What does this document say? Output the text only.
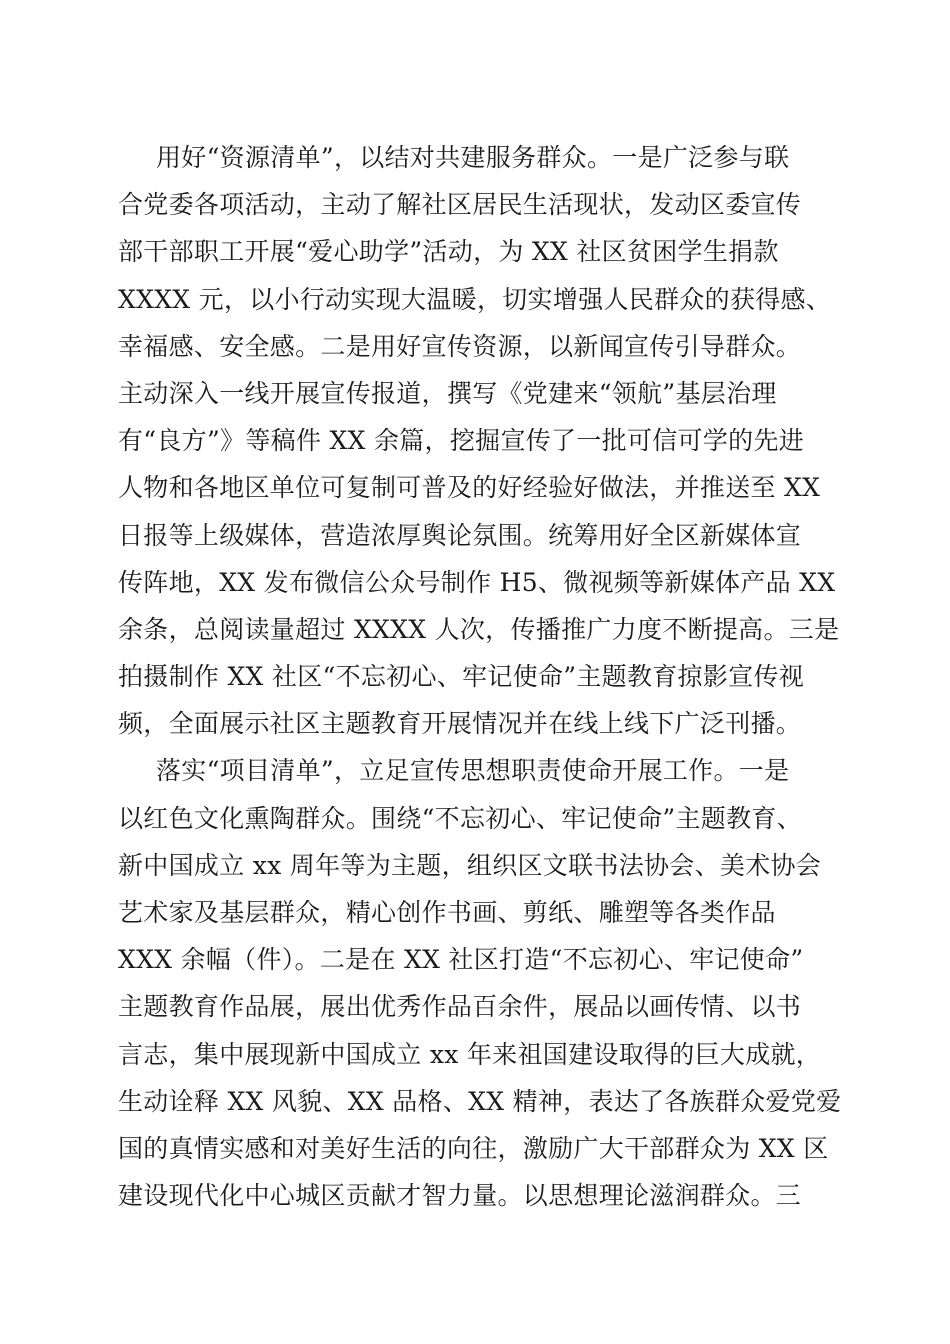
用好“资源清单”，以结对共建服务群众。一是广泛参与联
合党委各项活动，主动了解社区居民生活现状，发动区委宣传
部干部职工开展“爱心助学”活动，为 XX 社区贫困学生捐款
XXXX 元，以小行动实现大温暖，切实增强人民群众的获得感、
幸福感、安全感。二是用好宣传资源，以新闻宣传引导群众。
主动深入一线开展宣传报道，撰写《党建来“领航”基层治理
有“良方”》等稿件 XX 余篇，挖掘宣传了一批可信可学的先进
人物和各地区单位可复制可普及的好经验好做法，并推送至 XX
日报等上级媒体，营造浓厚舆论氛围。统筹用好全区新媒体宣
传阵地，XX 发布微信公众号制作 H5、微视频等新媒体产品 XX
余条，总阅读量超过 XXXX 人次，传播推广力度不断提高。三是
拍摄制作 XX 社区“不忘初心、牢记使命”主题教育掠影宣传视
频，全面展示社区主题教育开展情况并在线上线下广泛刊播。
落实“项目清单”，立足宣传思想职责使命开展工作。一是
以红色文化熏陶群众。围绕“不忘初心、牢记使命”主题教育、
新中国成立 xx 周年等为主题，组织区文联书法协会、美术协会
艺术家及基层群众，精心创作书画、剪纸、雕塑等各类作品
XXX 余幅（件）。二是在 XX 社区打造“不忘初心、牢记使命”
主题教育作品展，展出优秀作品百余件，展品以画传情、以书
言志，集中展现新中国成立 xx 年来祖国建设取得的巨大成就，
生动诠释 XX 风貌、XX 品格、XX 精神，表达了各族群众爱党爱
国的真情实感和对美好生活的向往，激励广大干部群众为 XX 区
建设现代化中心城区贡献才智力量。以思想理论滋润群众。三
